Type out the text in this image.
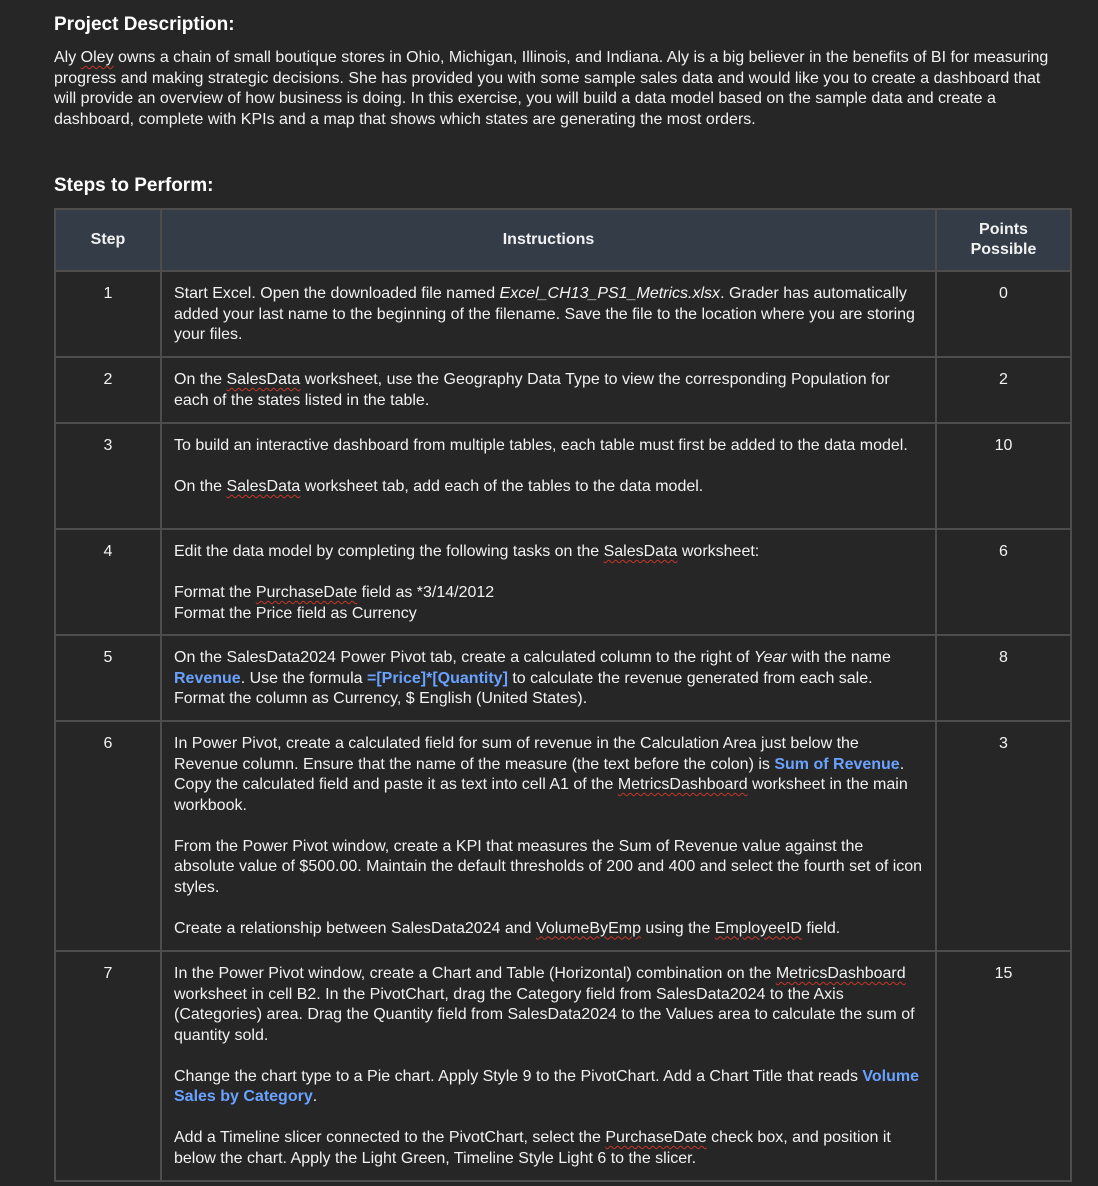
Project Description:
Aly Oley owns a chain of small boutique stores in Ohio, Michigan, Illinois, and Indiana. Aly is a big believer in the benefits of BI for measuring progress and making strategic decisions. She has provided you with some sample sales data and would like you to create a dashboard that will provide an overview of how business is doing. In this exercise, you will build a data model based on the sample data and create a dashboard, complete with KPIs and a map that shows which states are generating the most orders.
Steps to Perform:
Step	Instructions	Points
Possible
1	Start Excel. Open the downloaded file named Excel_CH13_PS1_Metrics.xlsx. Grader has automatically added your last name to the beginning of the filename. Save the file to the location where you are storing your files.	0
2	On the SalesData worksheet, use the Geography Data Type to view the corresponding Population for each of the states listed in the table.	2
3	To build an interactive dashboard from multiple tables, each table must first be added to the data model.

On the SalesData worksheet tab, add each of the tables to the data model.	10
4	Edit the data model by completing the following tasks on the SalesData worksheet:

Format the PurchaseDate field as *3/14/2012
Format the Price field as Currency	6
5	On the SalesData2024 Power Pivot tab, create a calculated column to the right of Year with the name Revenue. Use the formula =[Price]*[Quantity] to calculate the revenue generated from each sale. Format the column as Currency, $ English (United States).	8
6	In Power Pivot, create a calculated field for sum of revenue in the Calculation Area just below the Revenue column. Ensure that the name of the measure (the text before the colon) is Sum of Revenue. Copy the calculated field and paste it as text into cell A1 of the MetricsDashboard worksheet in the main workbook.

From the Power Pivot window, create a KPI that measures the Sum of Revenue value against the absolute value of $500.00. Maintain the default thresholds of 200 and 400 and select the fourth set of icon styles.

Create a relationship between SalesData2024 and VolumeByEmp using the EmployeeID field.	3
7	In the Power Pivot window, create a Chart and Table (Horizontal) combination on the MetricsDashboard worksheet in cell B2. In the PivotChart, drag the Category field from SalesData2024 to the Axis (Categories) area. Drag the Quantity field from SalesData2024 to the Values area to calculate the sum of quantity sold.

Change the chart type to a Pie chart. Apply Style 9 to the PivotChart. Add a Chart Title that reads Volume Sales by Category.

Add a Timeline slicer connected to the PivotChart, select the PurchaseDate check box, and position it below the chart. Apply the Light Green, Timeline Style Light 6 to the slicer.	15
